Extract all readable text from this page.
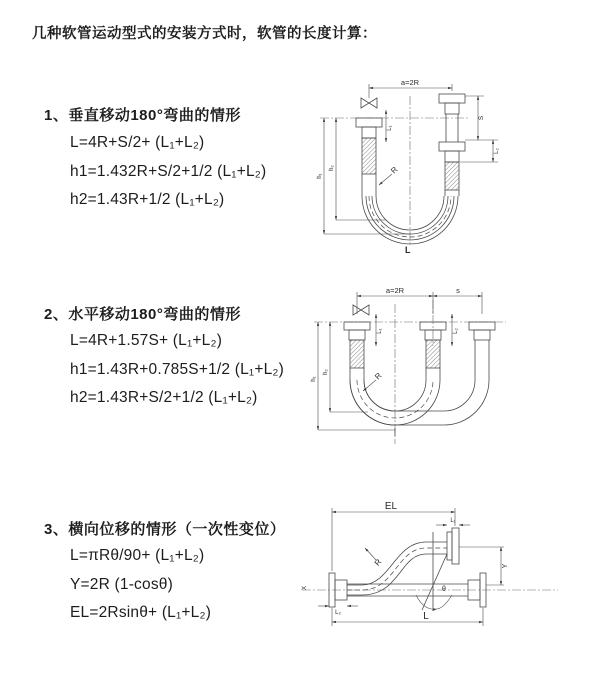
几种软管运动型式的安装方式时，软管的长度计算：
1、垂直移动180°弯曲的情形
L=4R+S/2+ (L₁+L₂)
h1=1.432R+S/2+1/2 (L₁+L₂)
h2=1.43R+1/2 (L₁+L₂)
a=2R
L₁
h₁
h₂
S
L₂
R
L
2、水平移动180°弯曲的情形
L=4R+1.57S+ (L₁+L₂)
h1=1.43R+0.785S+1/2 (L₁+L₂)
h2=1.43R+S/2+1/2 (L₁+L₂)
a=2R	s
L₁	L₂
h₁
h₂	R
3、横向位移的情形（一次性变位）
L=πRθ/90+ (L₁+L₂)
Y=2R (1-cosθ)
EL=2Rsinθ+ (L₁+L₂)
X
EL
L₁
Y
θ
R
L₂	L
